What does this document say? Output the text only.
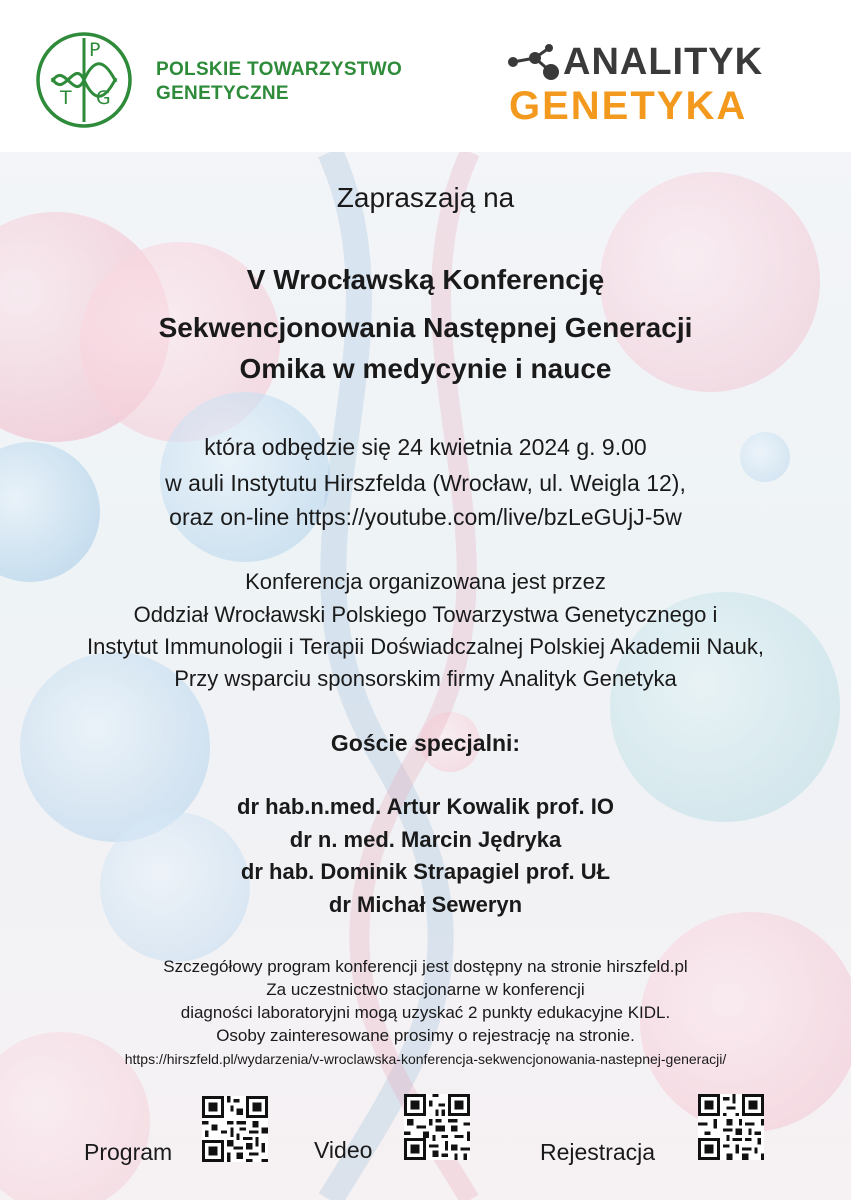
P
T G
POLSKIE TOWARZYSTWO
GENETYCZNE
ANALITYK
GENETYKA
Zapraszają na
V Wrocławską Konferencję
Sekwencjonowania Następnej Generacji
Omika w medycynie i nauce
która odbędzie się 24 kwietnia 2024 g. 9.00
w auli Instytutu Hirszfelda (Wrocław, ul. Weigla 12),
oraz on-line https://youtube.com/live/bzLeGUjJ-5w
Konferencja organizowana jest przez
Oddział Wrocławski Polskiego Towarzystwa Genetycznego i
Instytut Immunologii i Terapii Doświadczalnej Polskiej Akademii Nauk,
Przy wsparciu sponsorskim firmy Analityk Genetyka
Goście specjalni:
dr hab.n.med. Artur Kowalik prof. IO
dr n. med. Marcin Jędryka
dr hab. Dominik Strapagiel prof. UŁ
dr Michał Seweryn
Szczegółowy program konferencji jest dostępny na stronie hirszfeld.pl
Za uczestnictwo stacjonarne w konferencji
diagności laboratoryjni mogą uzyskać 2 punkty edukacyjne KIDL.
Osoby zainteresowane prosimy o rejestrację na stronie.
https://hirszfeld.pl/wydarzenia/v-wroclawska-konferencja-sekwencjonowania-nastepnej-generacji/
Program	Video	Rejestracja
